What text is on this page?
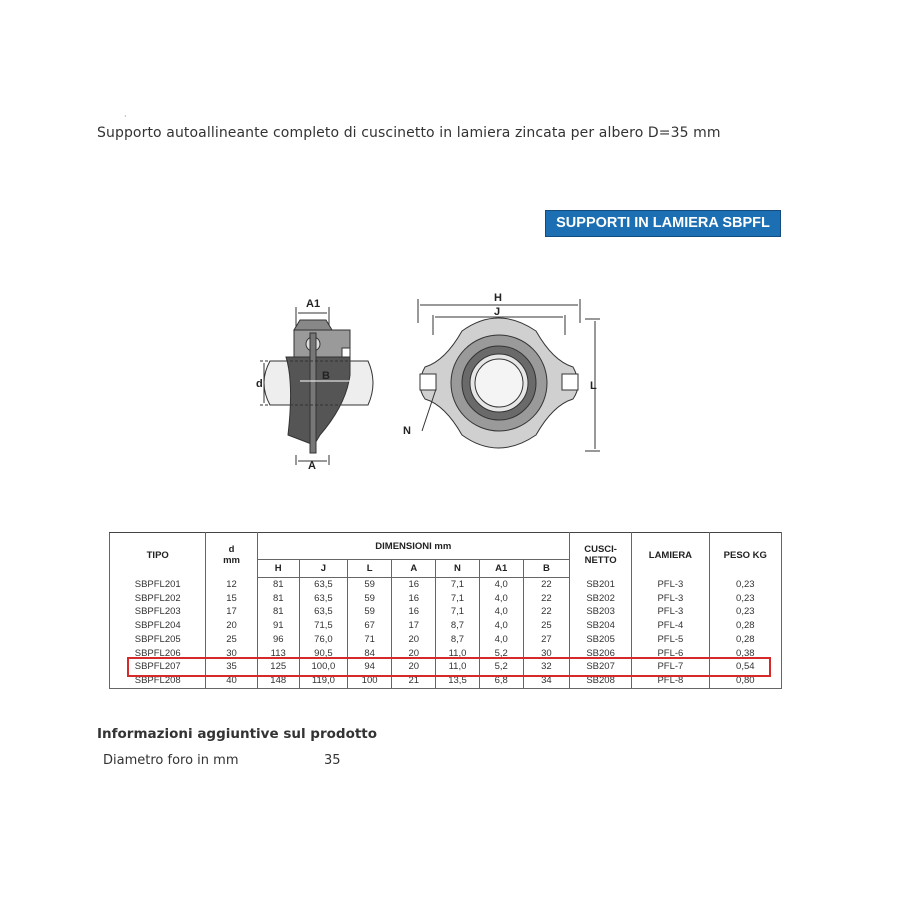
·
Supporto autoallineante completo di cuscinetto in lamiera zincata per albero D=35 mm
SUPPORTI IN LAMIERA SBPFL
A1
B
d
A
H
J
L
N
TIPO	d
mm	DIMENSIONI mm							CUSCI-
NETTO	LAMIERA	PESO KG
		H	J	L	A	N	A1	B			
SBPFL201	12	81	63,5	59	16	7,1	4,0	22	SB201	PFL-3	0,23
SBPFL202	15	81	63,5	59	16	7,1	4,0	22	SB202	PFL-3	0,23
SBPFL203	17	81	63,5	59	16	7,1	4,0	22	SB203	PFL-3	0,23
SBPFL204	20	91	71,5	67	17	8,7	4,0	25	SB204	PFL-4	0,28
SBPFL205	25	96	76,0	71	20	8,7	4,0	27	SB205	PFL-5	0,28
SBPFL206	30	113	90,5	84	20	11,0	5,2	30	SB206	PFL-6	0,38
SBPFL207	35	125	100,0	94	20	11,0	5,2	32	SB207	PFL-7	0,54
SBPFL208	40	148	119,0	100	21	13,5	6,8	34	SB208	PFL-8	0,80
Informazioni aggiuntive sul prodotto
Diametro foro in mm	35
